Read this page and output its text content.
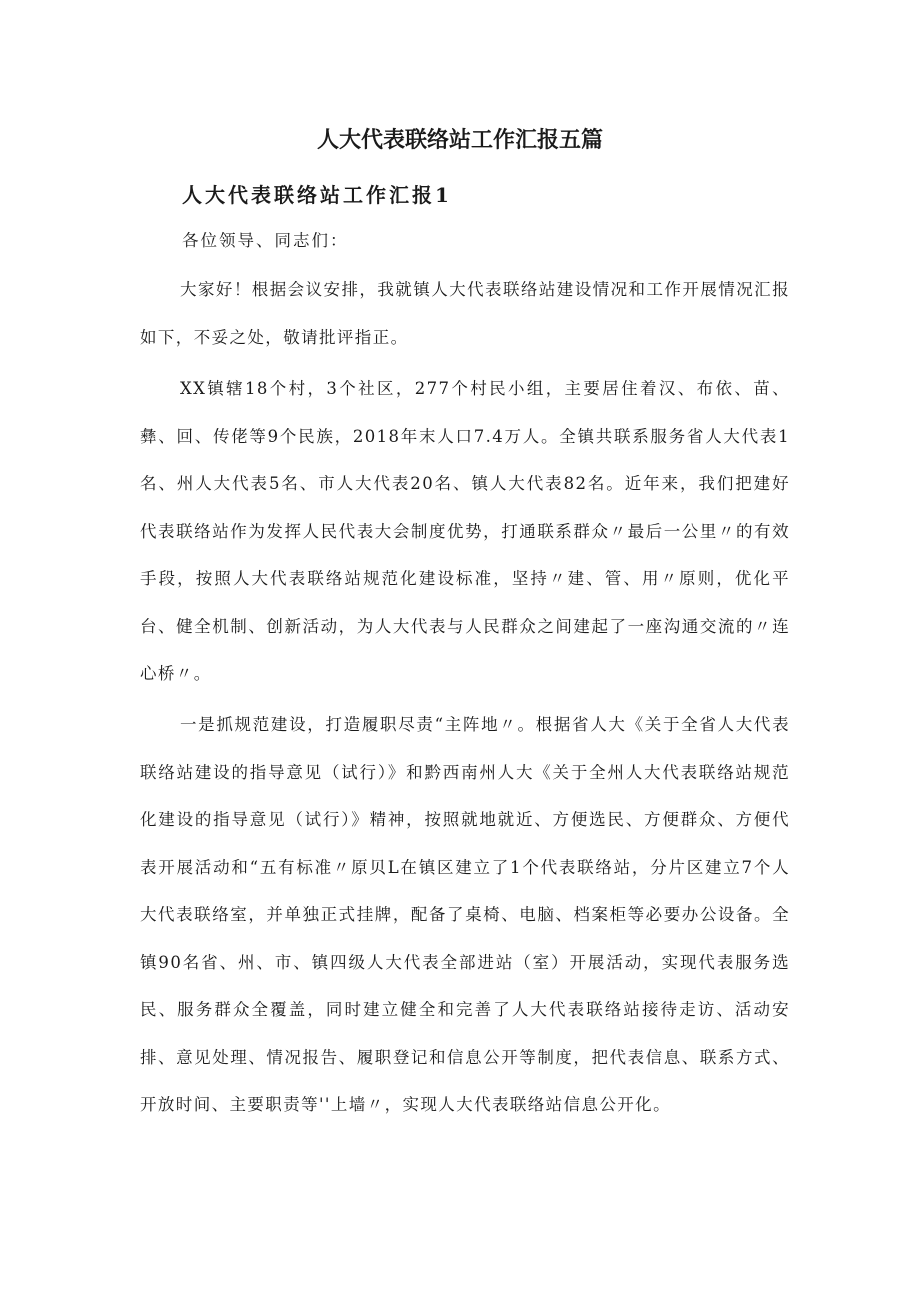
人大代表联络站工作汇报五篇
人大代表联络站工作汇报1

各位领导、同志们：

大家好！根据会议安排，我就镇人大代表联络站建设情况和工作开展情况汇报如下，不妥之处，敬请批评指正。

XX镇辖18个村，3个社区，277个村民小组，主要居住着汉、布依、苗、彝、回、传佬等9个民族，2018年末人口7.4万人。全镇共联系服务省人大代表1名、州人大代表5名、市人大代表20名、镇人大代表82名。近年来，我们把建好代表联络站作为发挥人民代表大会制度优势，打通联系群众〃最后一公里〃的有效手段，按照人大代表联络站规范化建设标准，坚持〃建、管、用〃原则，优化平台、健全机制、创新活动，为人大代表与人民群众之间建起了一座沟通交流的〃连心桥〃。

一是抓规范建设，打造履职尽责“主阵地〃。根据省人大《关于全省人大代表联络站建设的指导意见（试行）》和黔西南州人大《关于全州人大代表联络站规范化建设的指导意见（试行）》精神，按照就地就近、方便选民、方便群众、方便代表开展活动和“五有标准〃原贝L在镇区建立了1个代表联络站，分片区建立7个人大代表联络室，并单独正式挂牌，配备了桌椅、电脑、档案柜等必要办公设备。全镇90名省、州、市、镇四级人大代表全部进站（室）开展活动，实现代表服务选民、服务群众全覆盖，同时建立健全和完善了人大代表联络站接待走访、活动安排、意见处理、情况报告、履职登记和信息公开等制度，把代表信息、联系方式、开放时间、主要职责等''上墙〃，实现人大代表联络站信息公开化。
